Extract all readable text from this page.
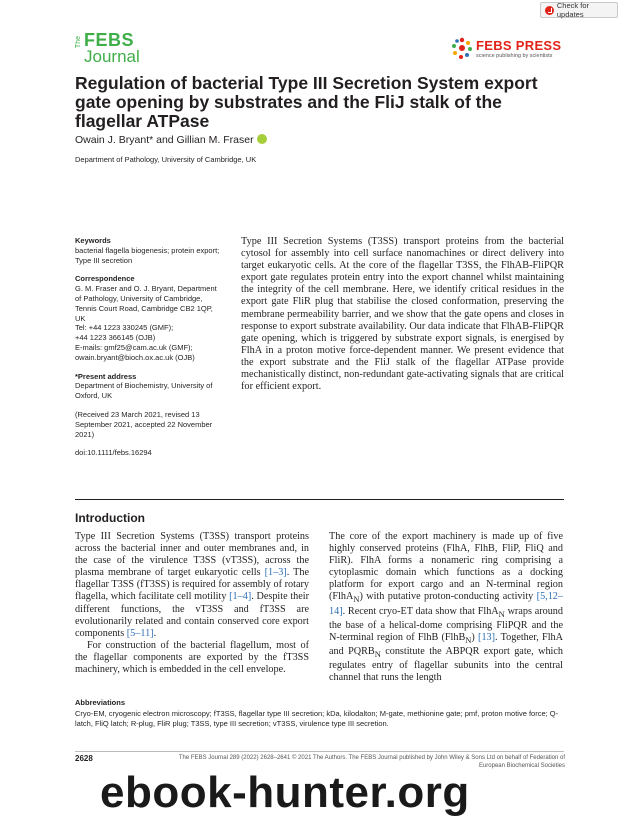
Check for updates
The FEBS
Journal
FEBS PRESS
science publishing by scientists
Regulation of bacterial Type III Secretion System export gate opening by substrates and the FliJ stalk of the flagellar ATPase
Owain J. Bryant* and Gillian M. Fraser
Department of Pathology, University of Cambridge, UK

Keywords

bacterial flagella biogenesis; protein export; Type III secretion

Correspondence

G. M. Fraser and O. J. Bryant, Department of Pathology, University of Cambridge, Tennis Court Road, Cambridge CB2 1QP, UK

Tel: +44 1223 330245 (GMF);

+44 1223 366145 (OJB)

E-mails: gmf25@cam.ac.uk (GMF); owain.bryant@bioch.ox.ac.uk (OJB)

*Present address

Department of Biochemistry, University of Oxford, UK

(Received 23 March 2021, revised 13 September 2021, accepted 22 November 2021)

doi:10.1111/febs.16294

Type III Secretion Systems (T3SS) transport proteins from the bacterial cytosol for assembly into cell surface nanomachines or direct delivery into target eukaryotic cells. At the core of the flagellar T3SS, the FlhAB-FliPQR export gate regulates protein entry into the export channel whilst maintaining the integrity of the cell membrane. Here, we identify critical residues in the export gate FliR plug that stabilise the closed conformation, preserving the membrane permeability barrier, and we show that the gate opens and closes in response to export substrate availability. Our data indicate that FlhAB-FliPQR gate opening, which is triggered by substrate export signals, is energised by FlhA in a proton motive force-dependent manner. We present evidence that the export substrate and the FliJ stalk of the flagellar ATPase provide mechanistically distinct, non-redundant gate-activating signals that are critical for efficient export.
Introduction

Type III Secretion Systems (T3SS) transport proteins across the bacterial inner and outer membranes and, in the case of the virulence T3SS (vT3SS), across the plasma membrane of target eukaryotic cells [1–3]. The flagellar T3SS (fT3SS) is required for assembly of rotary flagella, which facilitate cell motility [1–4]. Despite their different functions, the vT3SS and fT3SS are evolutionarily related and contain conserved core export components [5–11].

For construction of the bacterial flagellum, most of the flagellar components are exported by the fT3SS machinery, which is embedded in the cell envelope.

The core of the export machinery is made up of five highly conserved proteins (FlhA, FlhB, FliP, FliQ and FliR). FlhA forms a nonameric ring comprising a cytoplasmic domain which functions as a docking platform for export cargo and an N-terminal region (FlhA$_N$) with putative proton-conducting activity [5,12–14]. Recent cryo-ET data show that FlhA$_N$ wraps around the base of a helical-dome comprising FliPQR and the N-terminal region of FlhB (FlhB$_N$) [13]. Together, FlhA and $PQRB_N$ constitute the ABPQR export gate, which regulates entry of flagellar subunits into the central channel that runs the length

Abbreviations
Cryo-EM, cryogenic electron microscopy; fT3SS, flagellar type III secretion; kDa, kilodalton; M-gate, methionine gate; pmf, proton motive force; Q-latch, FliQ latch; R-plug, FliR plug; T3SS, type III secretion; vT3SS, virulence type III secretion.
2628	The FEBS Journal 289 (2022) 2628–2641 © 2021 The Authors. The FEBS Journal published by John Wiley & Sons Ltd on behalf of Federation of European Biochemical Societies
ebook-hunter.org
